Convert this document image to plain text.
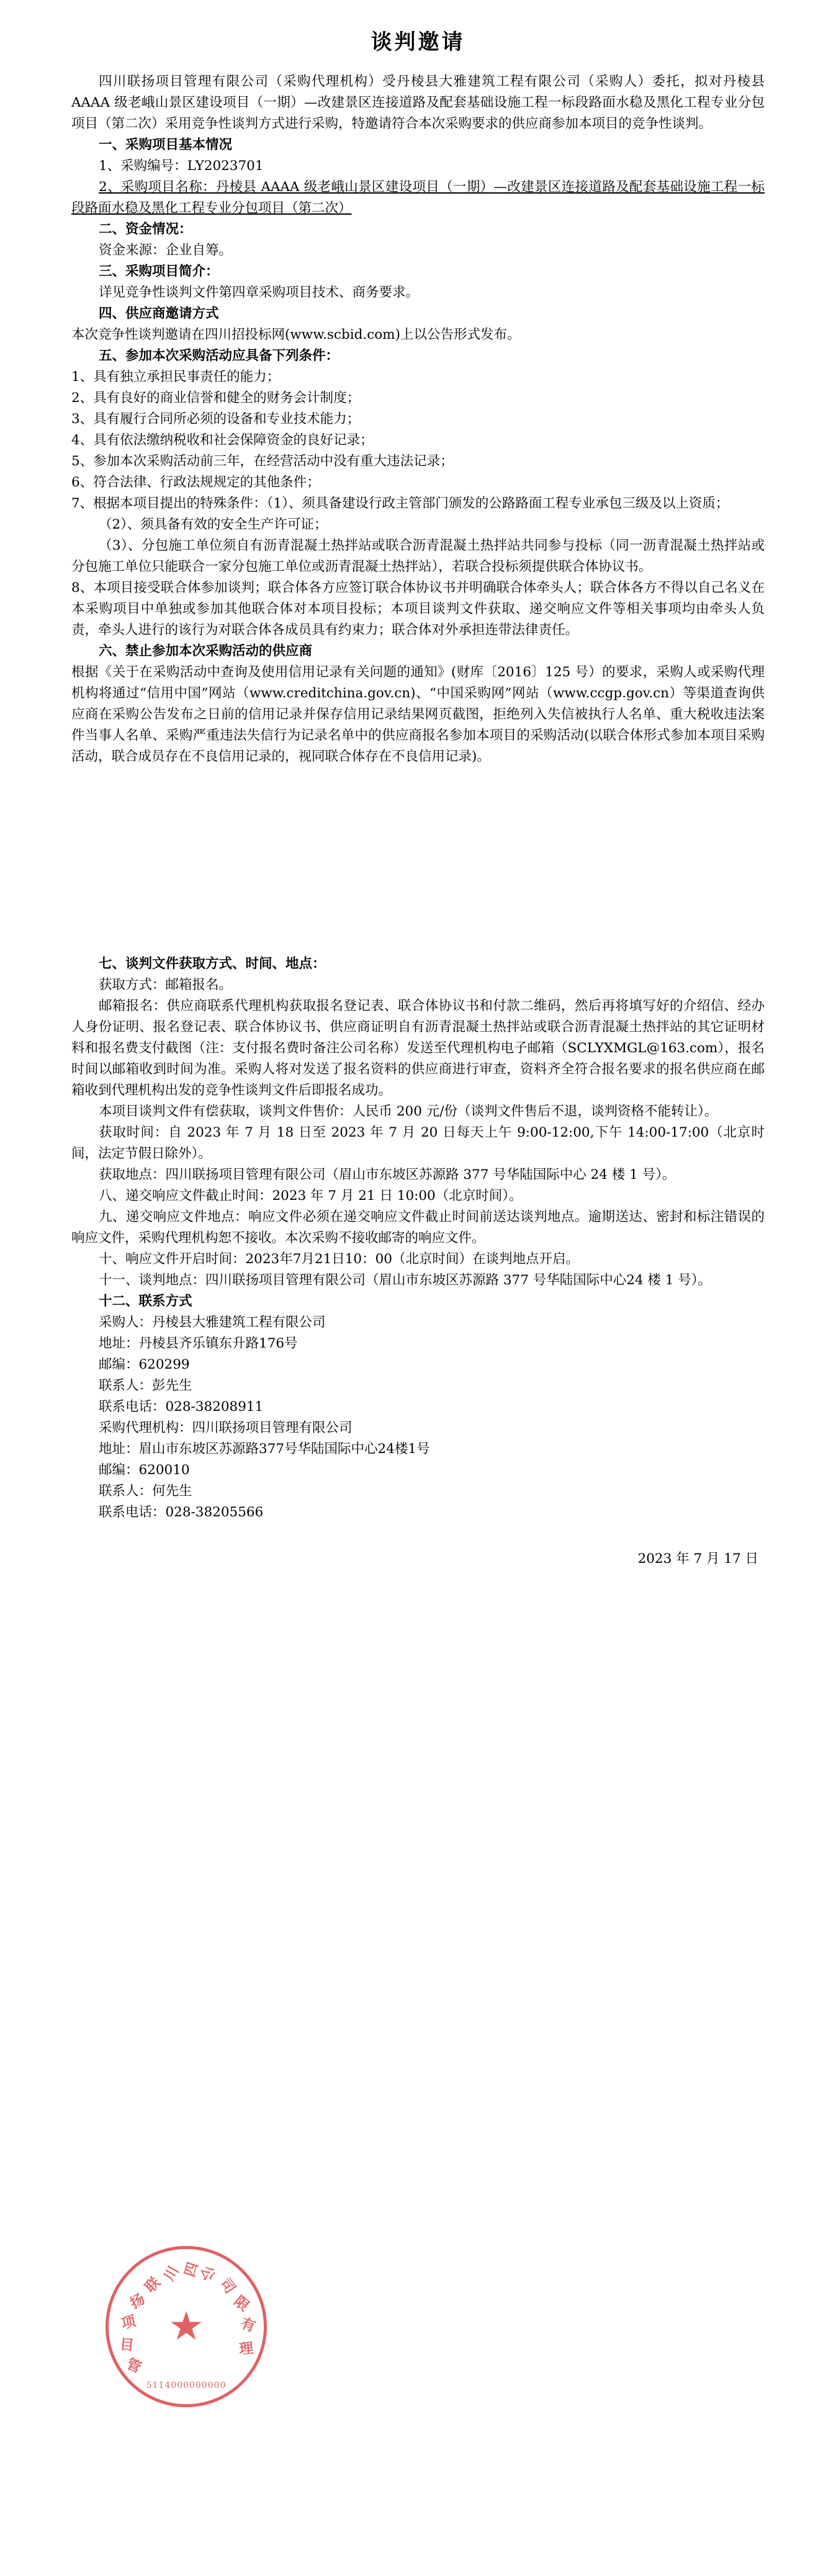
谈判邀请

四川联扬项目管理有限公司（采购代理机构）受丹棱县大雅建筑工程有限公司（采购人）委托，拟对丹棱县 AAAA 级老峨山景区建设项目（一期）—改建景区连接道路及配套基础设施工程一标段路面水稳及黑化工程专业分包项目（第二次）采用竞争性谈判方式进行采购，特邀请符合本次采购要求的供应商参加本项目的竞争性谈判。

一、采购项目基本情况

1、采购编号：LY2023701

2、采购项目名称：丹棱县 AAAA 级老峨山景区建设项目（一期）—改建景区连接道路及配套基础设施工程一标段路面水稳及黑化工程专业分包项目（第二次）

二、资金情况：

资金来源：企业自筹。

三、采购项目简介：

详见竞争性谈判文件第四章采购项目技术、商务要求。

四、供应商邀请方式

本次竞争性谈判邀请在四川招投标网(www.scbid.com)上以公告形式发布。

五、参加本次采购活动应具备下列条件：

1、具有独立承担民事责任的能力；

2、具有良好的商业信誉和健全的财务会计制度；

3、具有履行合同所必须的设备和专业技术能力；

4、具有依法缴纳税收和社会保障资金的良好记录；

5、参加本次采购活动前三年，在经营活动中没有重大违法记录；

6、符合法律、行政法规规定的其他条件；

7、根据本项目提出的特殊条件：（1）、须具备建设行政主管部门颁发的公路路面工程专业承包三级及以上资质；

（2）、须具备有效的安全生产许可证；

（3）、分包施工单位须自有沥青混凝土热拌站或联合沥青混凝土热拌站共同参与投标（同一沥青混凝土热拌站或分包施工单位只能联合一家分包施工单位或沥青混凝土热拌站），若联合投标须提供联合体协议书。

8、本项目接受联合体参加谈判；联合体各方应签订联合体协议书并明确联合体牵头人；联合体各方不得以自己名义在本采购项目中单独或参加其他联合体对本项目投标；本项目谈判文件获取、递交响应文件等相关事项均由牵头人负责，牵头人进行的该行为对联合体各成员具有约束力；联合体对外承担连带法律责任。

六、禁止参加本次采购活动的供应商

根据《关于在采购活动中查询及使用信用记录有关问题的通知》(财库〔2016〕125 号）的要求，采购人或采购代理机构将通过“信用中国”网站（www.creditchina.gov.cn)、“中国采购网”网站（www.ccgp.gov.cn）等渠道查询供应商在采购公告发布之日前的信用记录并保存信用记录结果网页截图，拒绝列入失信被执行人名单、重大税收违法案件当事人名单、采购严重违法失信行为记录名单中的供应商报名参加本项目的采购活动(以联合体形式参加本项目采购活动，联合成员存在不良信用记录的，视同联合体存在不良信用记录)。

七、谈判文件获取方式、时间、地点：

获取方式：邮箱报名。

邮箱报名：供应商联系代理机构获取报名登记表、联合体协议书和付款二维码，然后再将填写好的介绍信、经办人身份证明、报名登记表、联合体协议书、供应商证明自有沥青混凝土热拌站或联合沥青混凝土热拌站的其它证明材料和报名费支付截图（注：支付报名费时备注公司名称）发送至代理机构电子邮箱（SCLYXMGL@163.com），报名时间以邮箱收到时间为准。采购人将对发送了报名资料的供应商进行审查，资料齐全符合报名要求的报名供应商在邮箱收到代理机构出发的竞争性谈判文件后即报名成功。

本项目谈判文件有偿获取，谈判文件售价：人民币 200 元/份（谈判文件售后不退，谈判资格不能转让）。

获取时间：自 2023 年 7 月 18 日至 2023 年 7 月 20 日每天上午 9:00-12:00,下午 14:00-17:00（北京时间，法定节假日除外）。

获取地点：四川联扬项目管理有限公司（眉山市东坡区苏源路 377 号华陆国际中心 24 楼 1 号）。

八、递交响应文件截止时间：2023 年 7 月 21 日 10:00（北京时间）。

九、递交响应文件地点：响应文件必须在递交响应文件截止时间前送达谈判地点。逾期送达、密封和标注错误的响应文件，采购代理机构恕不接收。本次采购不接收邮寄的响应文件。

十、响应文件开启时间：2023年7月21日10：00（北京时间）在谈判地点开启。

十一、谈判地点：四川联扬项目管理有限公司（眉山市东坡区苏源路 377 号华陆国际中心24 楼 1 号）。

十二、联系方式

采购人：丹棱县大雅建筑工程有限公司

地址：丹棱县齐乐镇东升路176号

邮编：620299

联系人：彭先生

联系电话：028-38208911

采购代理机构：四川联扬项目管理有限公司

地址：眉山市东坡区苏源路377号华陆国际中心24楼1号

邮编：620010

联系人：何先生

联系电话：028-38205566

2023 年 7 月 17 日
四
川
联
扬
项
目
管
公
司
限
有
理
★
5114000000000
